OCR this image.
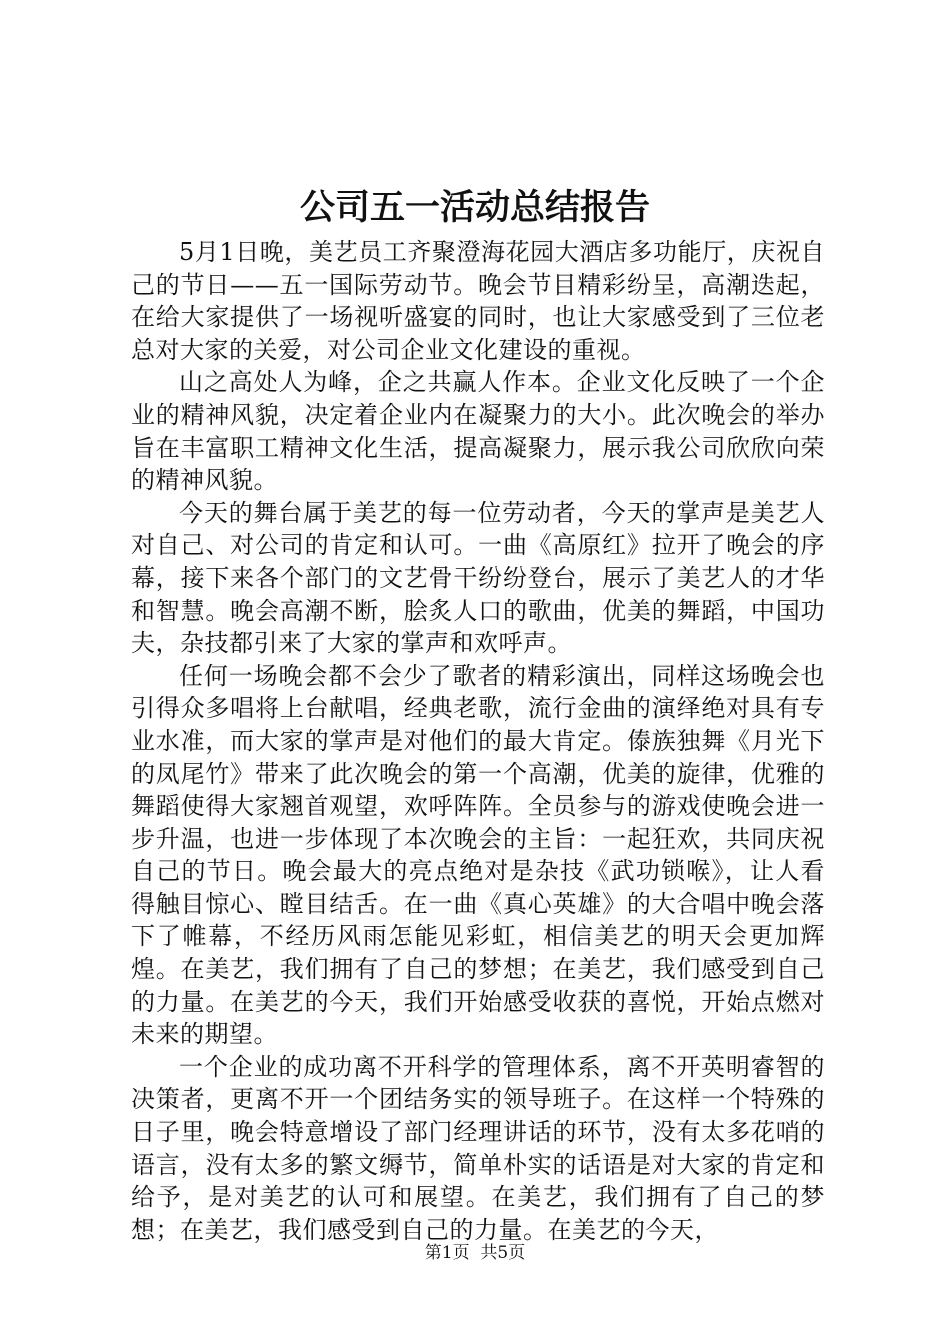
公司五一活动总结报告

5月1日晚，美艺员工齐聚澄海花园大酒店多功能厅，庆祝自己的节日——五一国际劳动节。晚会节目精彩纷呈，高潮迭起，在给大家提供了一场视听盛宴的同时，也让大家感受到了三位老总对大家的关爱，对公司企业文化建设的重视。

山之高处人为峰，企之共赢人作本。企业文化反映了一个企业的精神风貌，决定着企业内在凝聚力的大小。此次晚会的举办旨在丰富职工精神文化生活，提高凝聚力，展示我公司欣欣向荣的精神风貌。

今天的舞台属于美艺的每一位劳动者，今天的掌声是美艺人对自己、对公司的肯定和认可。一曲《高原红》拉开了晚会的序幕，接下来各个部门的文艺骨干纷纷登台，展示了美艺人的才华和智慧。晚会高潮不断，脍炙人口的歌曲，优美的舞蹈，中国功夫，杂技都引来了大家的掌声和欢呼声。

任何一场晚会都不会少了歌者的精彩演出，同样这场晚会也引得众多唱将上台献唱，经典老歌，流行金曲的演绎绝对具有专业水准，而大家的掌声是对他们的最大肯定。傣族独舞《月光下的凤尾竹》带来了此次晚会的第一个高潮，优美的旋律，优雅的舞蹈使得大家翘首观望，欢呼阵阵。全员参与的游戏使晚会进一步升温，也进一步体现了本次晚会的主旨：一起狂欢，共同庆祝自己的节日。晚会最大的亮点绝对是杂技《武功锁喉》，让人看得触目惊心、瞠目结舌。在一曲《真心英雄》的大合唱中晚会落下了帷幕，不经历风雨怎能见彩虹，相信美艺的明天会更加辉煌。在美艺，我们拥有了自己的梦想；在美艺，我们感受到自己的力量。在美艺的今天，我们开始感受收获的喜悦，开始点燃对未来的期望。

一个企业的成功离不开科学的管理体系，离不开英明睿智的决策者，更离不开一个团结务实的领导班子。在这样一个特殊的日子里，晚会特意增设了部门经理讲话的环节，没有太多花哨的语言，没有太多的繁文缛节，简单朴实的话语是对大家的肯定和给予，是对美艺的认可和展望。在美艺，我们拥有了自己的梦想；在美艺，我们感受到自己的力量。在美艺的今天，

第1页 共5页
